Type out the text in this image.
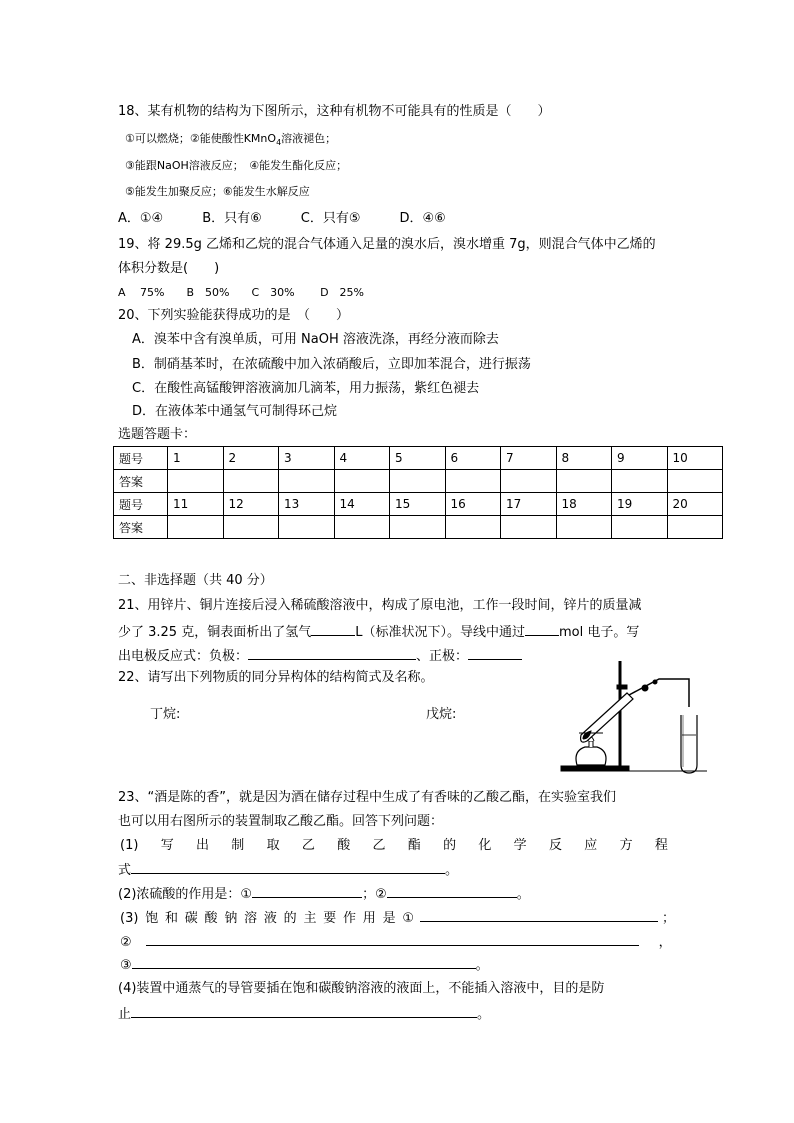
18、某有机物的结构为下图所示，这种有机物不可能具有的性质是（　　）
①可以燃烧；②能使酸性KMnO$_4$溶液褪色；
③能跟NaOH溶液反应；　④能发生酯化反应；
⑤能发生加聚反应；⑥能发生水解反应
A．①④　　　B．只有⑥　　　C．只有⑤　　　D．④⑥
19、将 29.5g 乙烯和乙烷的混合气体通入足量的溴水后，溴水增重 7g，则混合气体中乙烯的
体积分数是(　　)
A　 75%　　B　50%　　C　30%　　 D　25%
20、下列实验能获得成功的是　（　　）
A．溴苯中含有溴单质，可用 NaOH 溶液洗涤，再经分液而除去
B．制硝基苯时，在浓硫酸中加入浓硝酸后，立即加苯混合，进行振荡
C．在酸性高锰酸钾溶液滴加几滴苯，用力振荡，紫红色褪去
D．在液体苯中通氢气可制得环己烷
选题答题卡：
题号	1	2	3	4	5	6	7	8	9	10
答案										
题号	11	12	13	14	15	16	17	18	19	20
答案										
二、非选择题（共 40 分）
21、用锌片、铜片连接后浸入稀硫酸溶液中，构成了原电池，工作一段时间，锌片的质量减
少了 3.25 克，铜表面析出了氢气	L（标准状况下）。导线中通过	mol 电子。写
出电极反应式：负极：	、正极：
22、请写出下列物质的同分异构体的结构简式及名称。
丁烷:	戊烷:
23、“酒是陈的香”，就是因为酒在储存过程中生成了有香味的乙酸乙酯，在实验室我们
也可以用右图所示的装置制取乙酸乙酯。回答下列问题：
(1) 写 出 制 取 乙 酸 乙 酯 的 化 学 反 应 方 程
式	。
(2)浓硫酸的作用是：①	；②	。
(3) 饱 和 碳 酸 钠 溶 液 的 主 要 作 用 是 ①	；
②	，
③	。
(4)装置中通蒸气的导管要插在饱和碳酸钠溶液的液面上，不能插入溶液中，目的是防
止	。
